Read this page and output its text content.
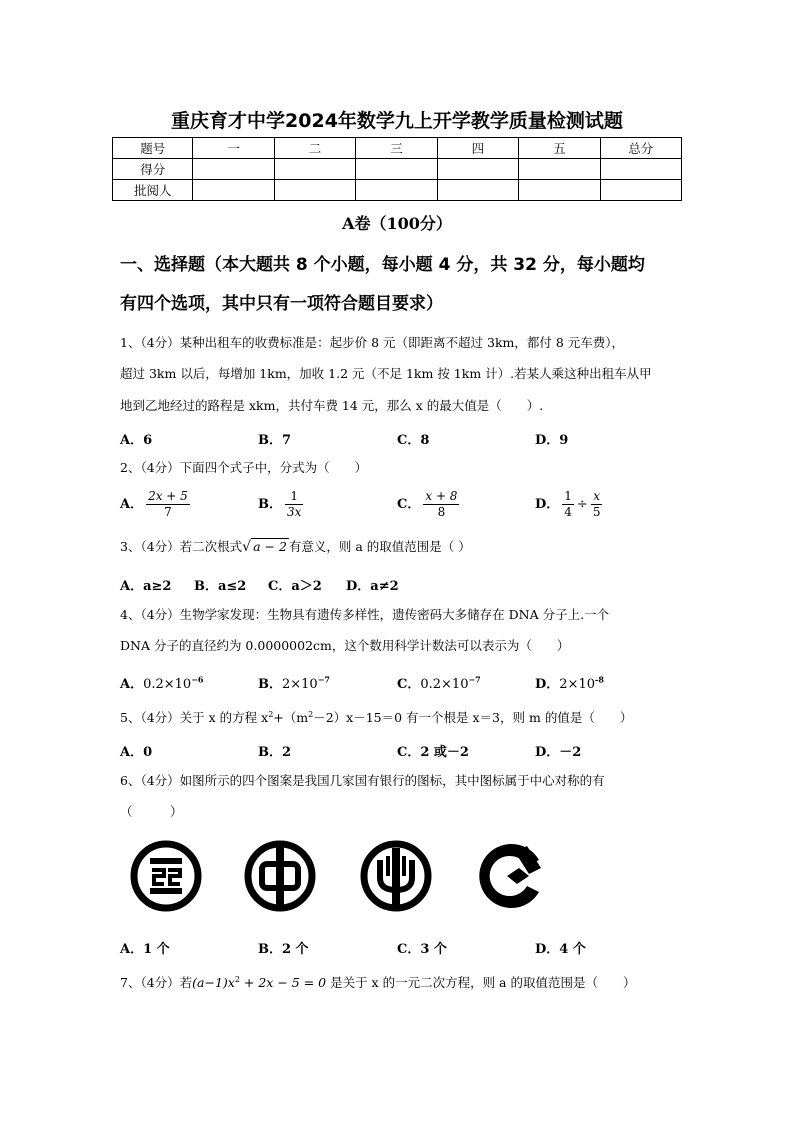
重庆育才中学2024年数学九上开学教学质量检测试题
题号	一	二	三	四	五	总分
得分						
批阅人						
A卷（100分）
一、选择题（本大题共 8 个小题，每小题 4 分，共 32 分，每小题均
有四个选项，其中只有一项符合题目要求）
1、（4分）某种出租车的收费标准是：起步价 8 元（即距离不超过 3km，都付 8 元车费），
超过 3km 以后，每增加 1km，加收 1.2 元（不足 1km 按 1km 计）.若某人乘这种出租车从甲
地到乙地经过的路程是 xkm，共付车费 14 元，那么 x 的最大值是（　　）.
A．6	B．7	C．8	D．9
2、（4分）下面四个式子中，分式为（　　）
A． $\frac{2x + 5}{7}$	B． $\frac{1}{3x}$	C． $\frac{x + 8}{8}$	D． $\frac{1}{4} \div \frac{x}{5}$
3、（4分）若二次根式√ a − 2 有意义，则 a 的取值范围是（ ）
A．a≥2 B．a≤2 C．a＞2 D．a≠2
4、（4分）生物学家发现：生物具有遗传多样性，遗传密码大多储存在 DNA 分子上.一个
DNA 分子的直径约为 0.0000002cm，这个数用科学计数法可以表示为（　　）
A．$0.2\times 10^{-6}$	B．$2\times 10^{-7}$	C．$0.2\times 10^{-7}$	D．$2\times 10^{-8}$
5、（4分）关于 x 的方程 $x^2+(m^2-2)x-15=0$ 有一个根是 x＝3，则 m 的值是（　　）
A．0	B．2	C．2 或－2	D．－2
6、（4分）如图所示的四个图案是我国几家国有银行的图标，其中图标属于中心对称的有
（　　　）
A．1 个	B．2 个	C．3 个	D．4 个
7、（4分）若$(a-1)x^2 + 2x - 5 = 0$ 是关于 x 的一元二次方程，则 a 的取值范围是（　　）
